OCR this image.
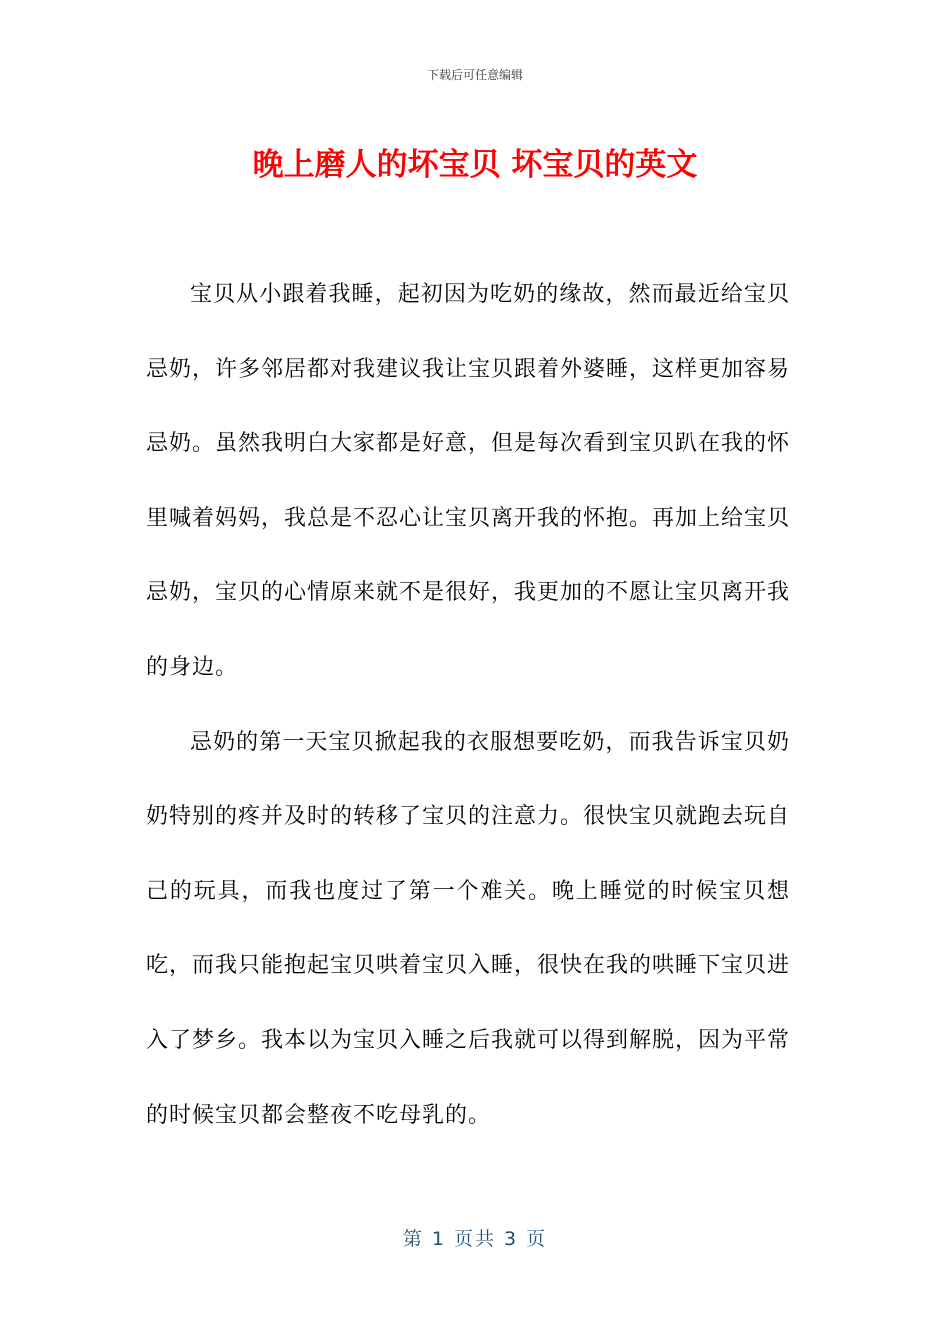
下载后可任意编辑
晚上磨人的坏宝贝 坏宝贝的英文

宝贝从小跟着我睡，起初因为吃奶的缘故，然而最近给宝贝忌奶，许多邻居都对我建议我让宝贝跟着外婆睡，这样更加容易忌奶。虽然我明白大家都是好意，但是每次看到宝贝趴在我的怀里喊着妈妈，我总是不忍心让宝贝离开我的怀抱。再加上给宝贝忌奶，宝贝的心情原来就不是很好，我更加的不愿让宝贝离开我的身边。

忌奶的第一天宝贝掀起我的衣服想要吃奶，而我告诉宝贝奶奶特别的疼并及时的转移了宝贝的注意力。很快宝贝就跑去玩自己的玩具，而我也度过了第一个难关。晚上睡觉的时候宝贝想吃，而我只能抱起宝贝哄着宝贝入睡，很快在我的哄睡下宝贝进入了梦乡。我本以为宝贝入睡之后我就可以得到解脱，因为平常的时候宝贝都会整夜不吃母乳的。

第 1 页共 3 页
